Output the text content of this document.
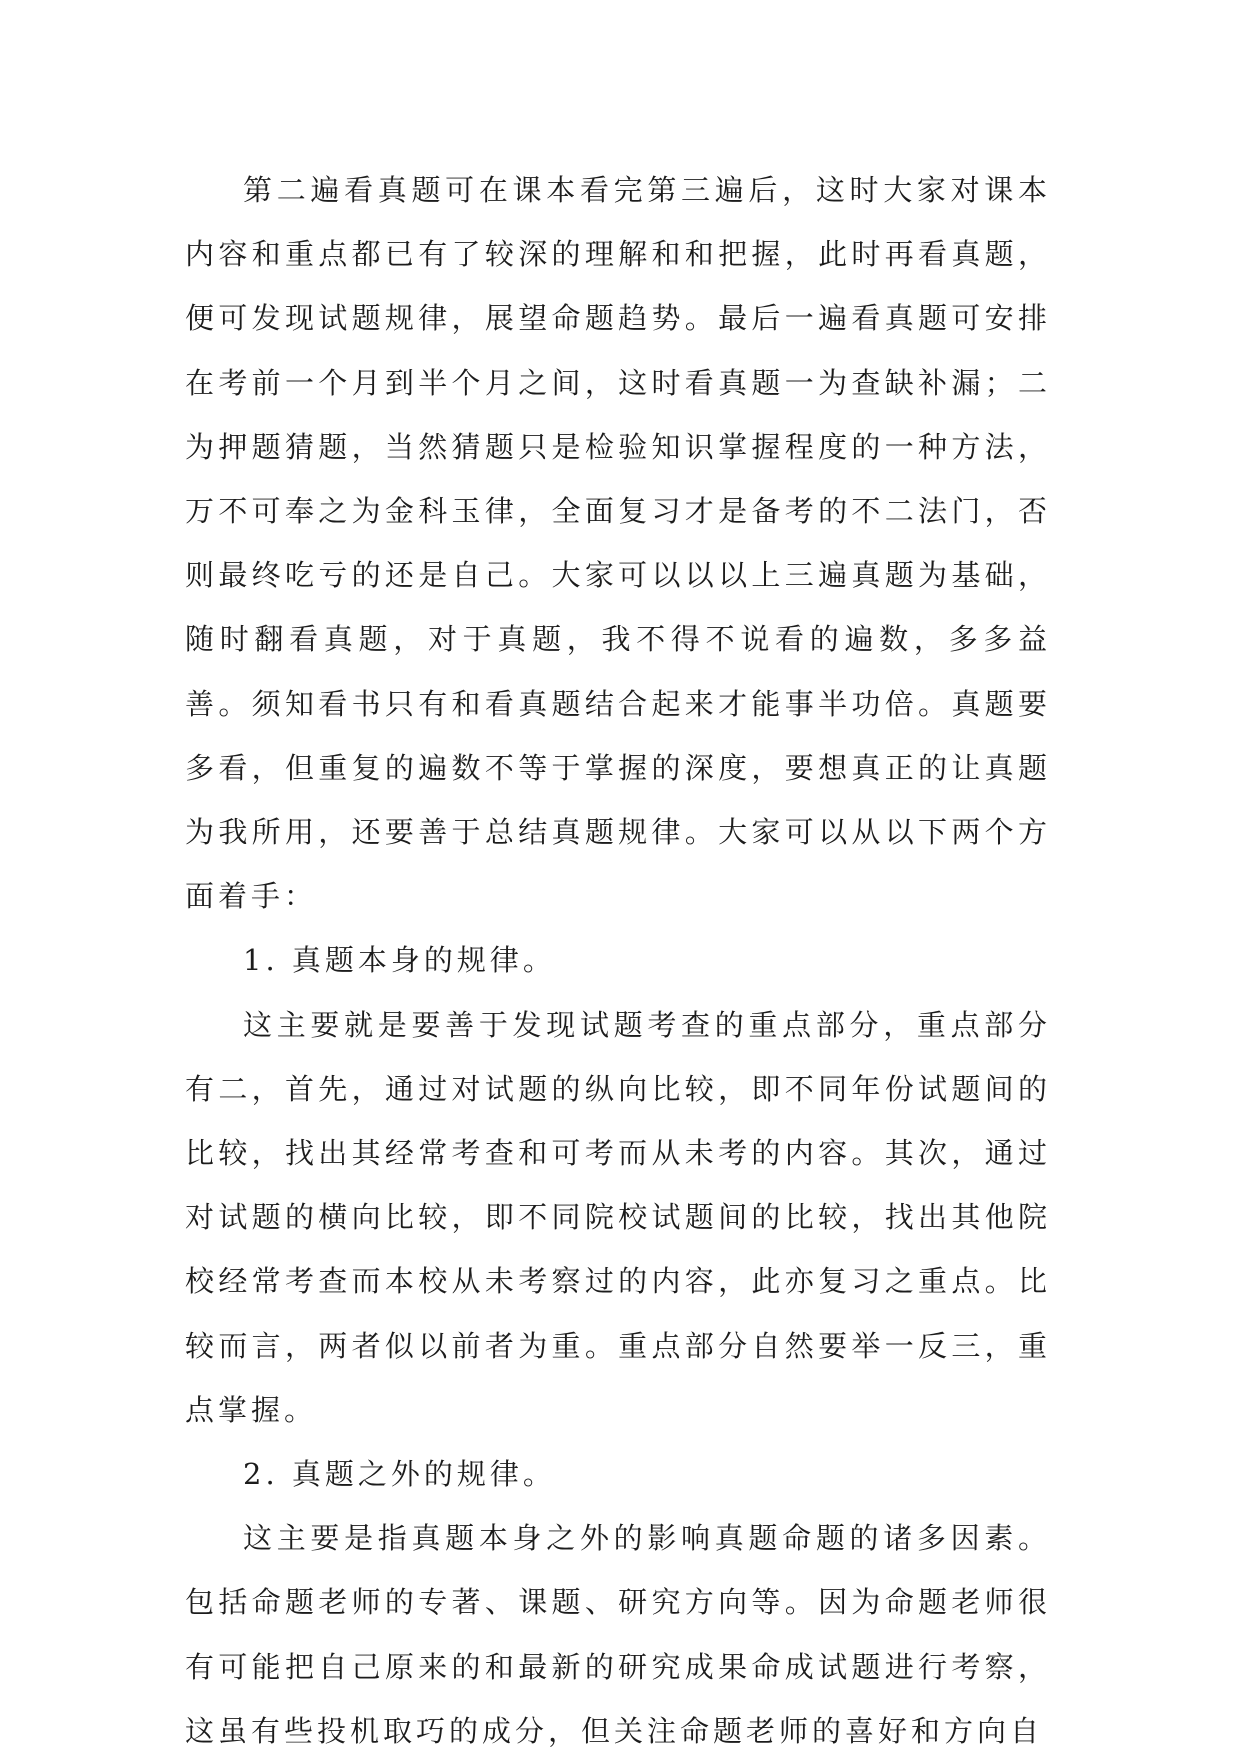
第二遍看真题可在课本看完第三遍后，这时大家对课本内容和重点都已有了较深的理解和和把握，此时再看真题，便可发现试题规律，展望命题趋势。最后一遍看真题可安排在考前一个月到半个月之间，这时看真题一为查缺补漏；二为押题猜题，当然猜题只是检验知识掌握程度的一种方法，万不可奉之为金科玉律，全面复习才是备考的不二法门，否则最终吃亏的还是自己。大家可以以以上三遍真题为基础，随时翻看真题，对于真题，我不得不说看的遍数，多多益善。须知看书只有和看真题结合起来才能事半功倍。真题要多看，但重复的遍数不等于掌握的深度，要想真正的让真题为我所用，还要善于总结真题规律。大家可以从以下两个方面着手：

1. 真题本身的规律。

这主要就是要善于发现试题考查的重点部分，重点部分有二，首先，通过对试题的纵向比较，即不同年份试题间的比较，找出其经常考查和可考而从未考的内容。其次，通过对试题的横向比较，即不同院校试题间的比较，找出其他院校经常考查而本校从未考察过的内容，此亦复习之重点。比较而言，两者似以前者为重。重点部分自然要举一反三，重点掌握。

2. 真题之外的规律。

这主要是指真题本身之外的影响真题命题的诸多因素。包括命题老师的专著、课题、研究方向等。因为命题老师很有可能把自己原来的和最新的研究成果命成试题进行考察，这虽有些投机取巧的成分，但关注命题老师的喜好和方向自
